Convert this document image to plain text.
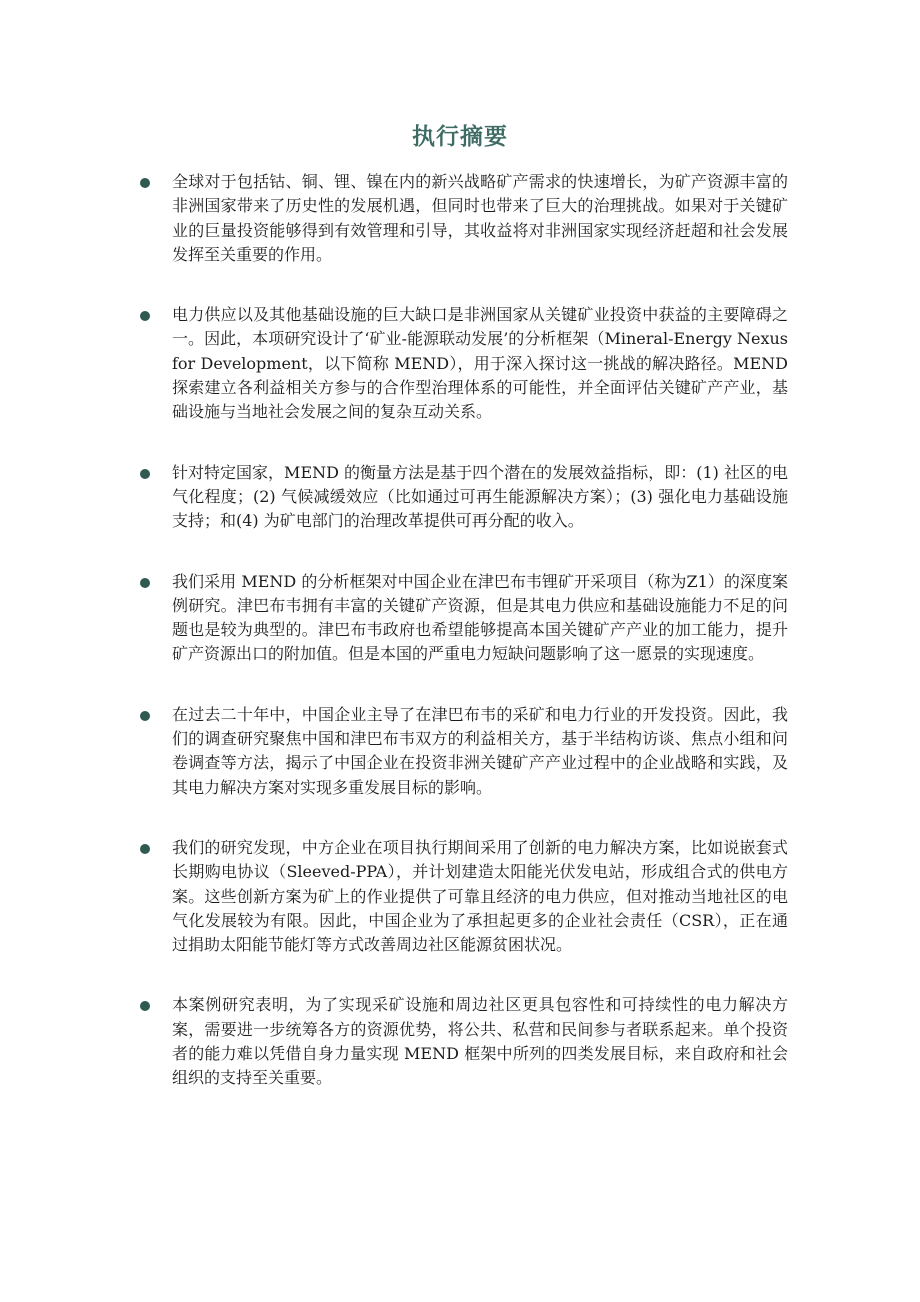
执行摘要
全球对于包括钴、铜、锂、镍在内的新兴战略矿产需求的快速增长，为矿产资源丰富的非洲国家带来了历史性的发展机遇，但同时也带来了巨大的治理挑战。如果对于关键矿业的巨量投资能够得到有效管理和引导，其收益将对非洲国家实现经济赶超和社会发展发挥至关重要的作用。
电力供应以及其他基础设施的巨大缺口是非洲国家从关键矿业投资中获益的主要障碍之一。因此，本项研究设计了‘矿业-能源联动发展’的分析框架（Mineral-Energy Nexus for Development，以下简称 MEND），用于深入探讨这一挑战的解决路径。MEND 探索建立各利益相关方参与的合作型治理体系的可能性，并全面评估关键矿产产业，基础设施与当地社会发展之间的复杂互动关系。
针对特定国家，MEND 的衡量方法是基于四个潜在的发展效益指标，即：(1) 社区的电气化程度；(2) 气候减缓效应（比如通过可再生能源解决方案）；(3) 强化电力基础设施支持；和(4) 为矿电部门的治理改革提供可再分配的收入。
我们采用 MEND 的分析框架对中国企业在津巴布韦锂矿开采项目（称为Z1）的深度案例研究。津巴布韦拥有丰富的关键矿产资源，但是其电力供应和基础设施能力不足的问题也是较为典型的。津巴布韦政府也希望能够提高本国关键矿产产业的加工能力，提升矿产资源出口的附加值。但是本国的严重电力短缺问题影响了这一愿景的实现速度。
在过去二十年中，中国企业主导了在津巴布韦的采矿和电力行业的开发投资。因此，我们的调查研究聚焦中国和津巴布韦双方的利益相关方，基于半结构访谈、焦点小组和问卷调查等方法，揭示了中国企业在投资非洲关键矿产产业过程中的企业战略和实践，及其电力解决方案对实现多重发展目标的影响。
我们的研究发现，中方企业在项目执行期间采用了创新的电力解决方案，比如说嵌套式长期购电协议（Sleeved-PPA），并计划建造太阳能光伏发电站，形成组合式的供电方案。这些创新方案为矿上的作业提供了可靠且经济的电力供应，但对推动当地社区的电气化发展较为有限。因此，中国企业为了承担起更多的企业社会责任（CSR），正在通过捐助太阳能节能灯等方式改善周边社区能源贫困状况。
本案例研究表明，为了实现采矿设施和周边社区更具包容性和可持续性的电力解决方案，需要进一步统筹各方的资源优势，将公共、私营和民间参与者联系起来。单个投资者的能力难以凭借自身力量实现 MEND 框架中所列的四类发展目标，来自政府和社会组织的支持至关重要。
